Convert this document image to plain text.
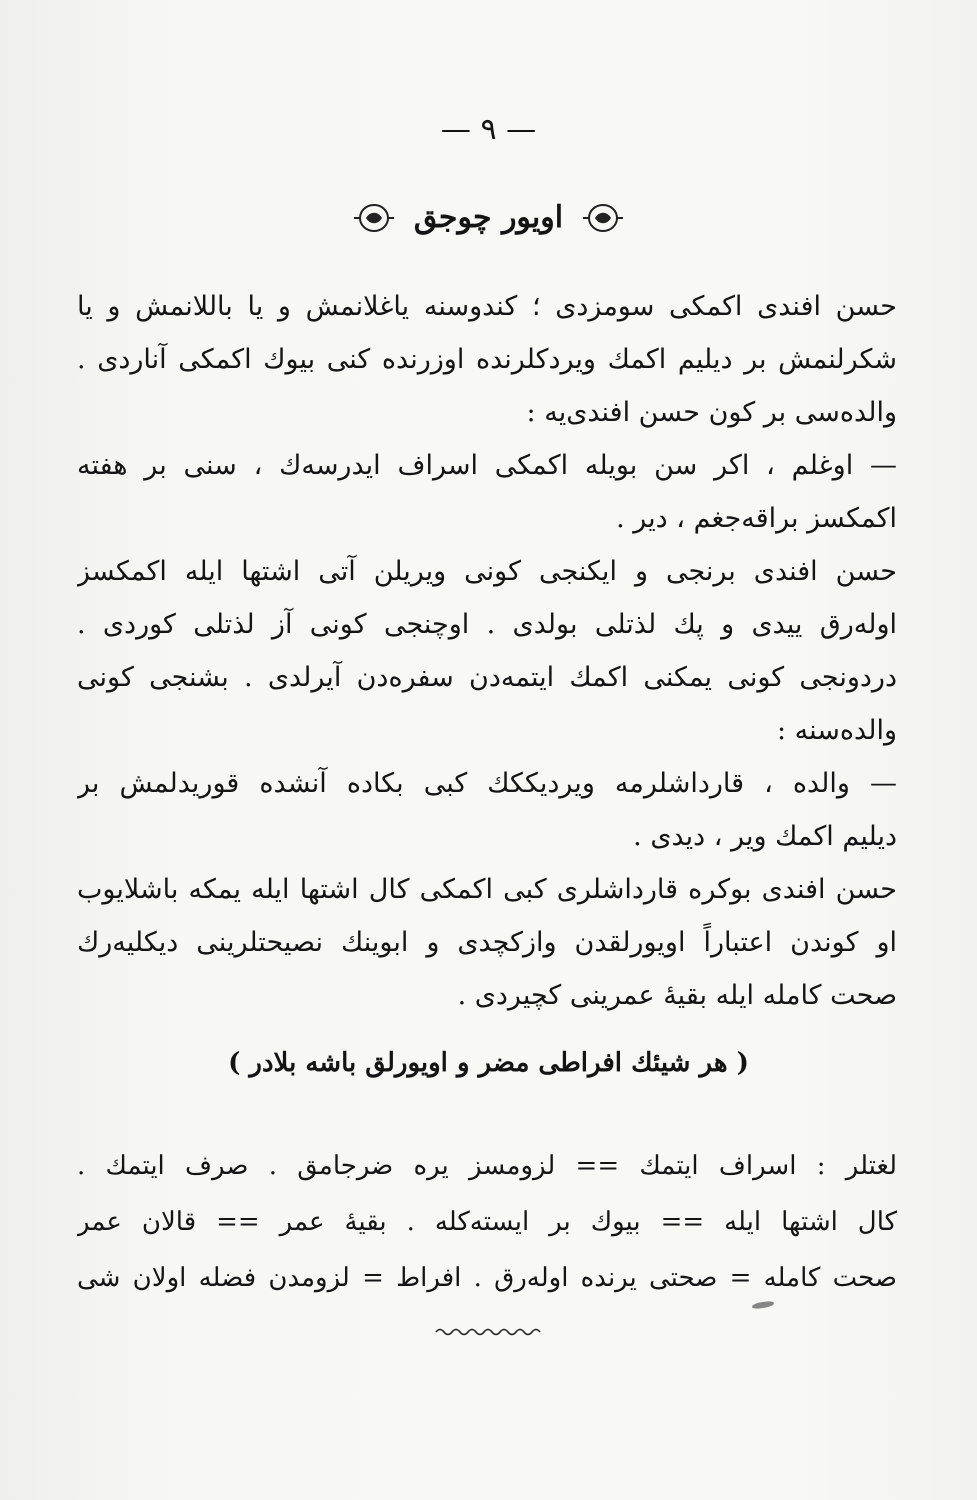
— ٩ —
اویور چوجق
حسن افندی اکمکی سومزدی ؛ کندوسنه یاغلانمش و یا باللانمش و یا
شکرلنمش بر دیلیم اکمك ویردکلرنده اوزرنده کنی بیوك اکمکی آناردی .
والده‌سی بر کون حسن افندی‌یه :
— اوغلم ، اکر سن بویله اکمکی اسراف ایدرسه‌ك ، سنی بر هفته
اکمکسز براقه‌جغم ، دیر .
حسن افندی برنجی و ایکنجی کونی ویریلن آتی اشتها ایله اکمکسز
اوله‌رق ییدی و پك لذتلی بولدی . اوچنجی کونی آز لذتلی کوردی .
دردونجی کونی یمکنی اکمك ایتمه‌دن سفره‌دن آیرلدی . بشنجی کونی
والده‌سنه :
— والده ، قارداشلرمه ویردیککك کبی بکاده آنشده قوریدلمش بر
دیلیم اکمك ویر ، دیدی .
حسن افندی بوکره قارداشلری کبی اکمکی کال اشتها ایله یمکه باشلایوب
او کوندن اعتباراً اویورلقدن وازکچدی و ابوینك نصیحتلرینی دیکلیه‌رك
صحت کامله ایله بقیهٔ عمرینی کچیردی .
( هر شیئك افراطی مضر و اویورلق باشه بلادر )
لغتلر : اسراف ایتمك == لزومسز یره ضرجامق . صرف ایتمك .
کال اشتها ایله == بیوك بر ایسته‌كله . بقیهٔ عمر == قالان عمر
صحت کامله = صحتی یرنده اوله‌رق . افراط = لزومدن فضله اولان شی
